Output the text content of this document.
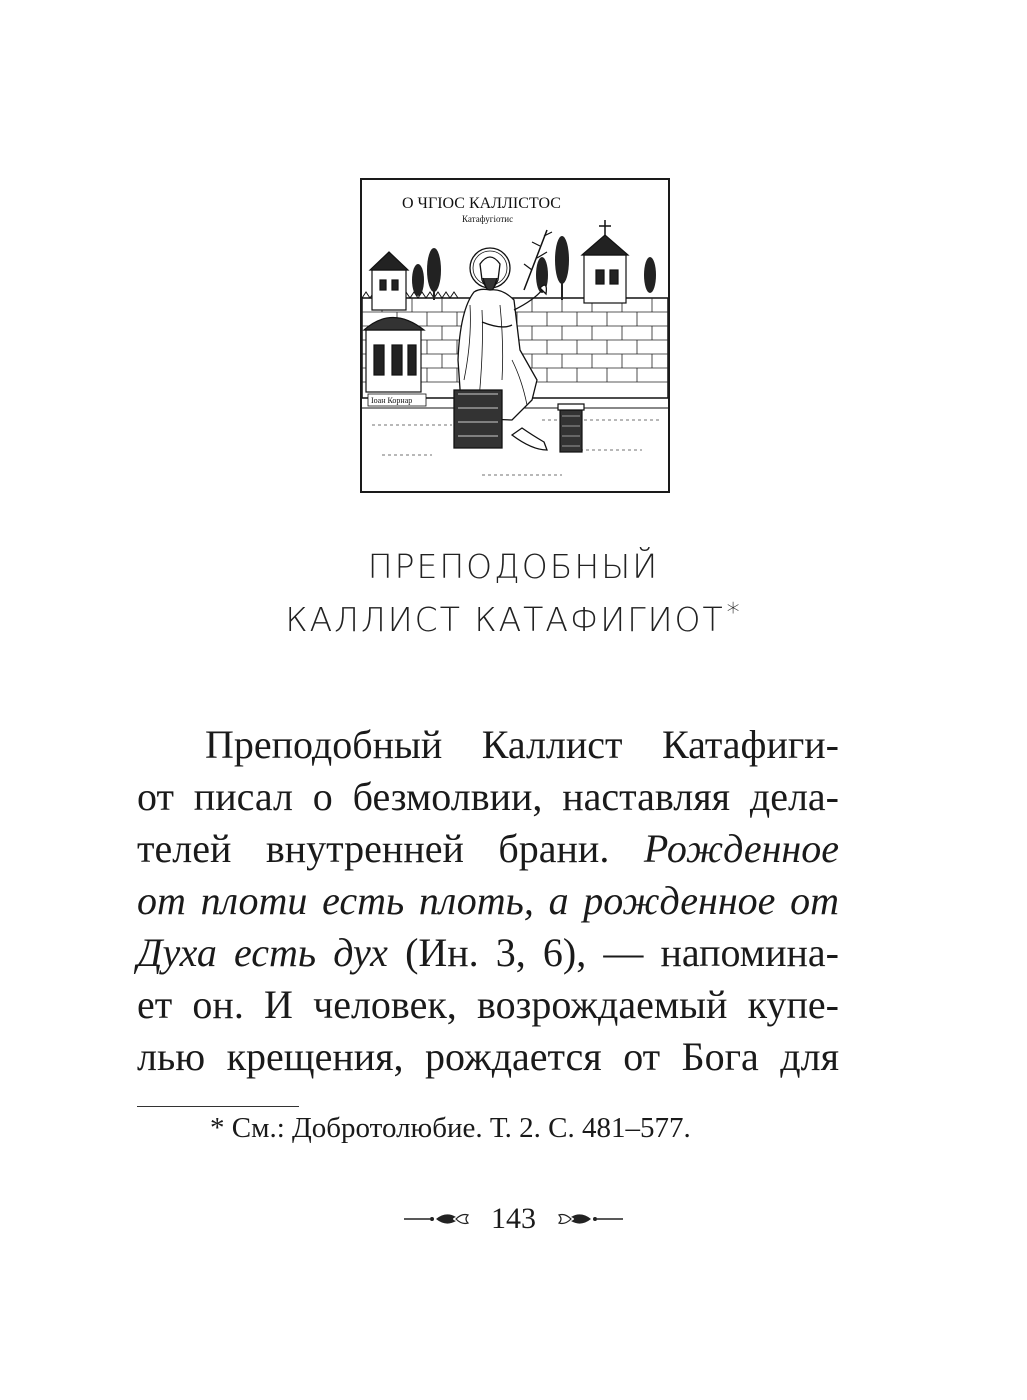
О ЧГІОС КАЛЛІСТОС
Катафугіотис
Іоан Корнар
ПРЕПОДОБНЫЙ
КАЛЛИСТ КАТАФИГИОТ*
Преподобный Каллист Катафиги-
от писал о безмолвии, наставляя дела-
телей внутренней брани. Рожденное
от плоти есть плоть, а рожденное от
Духа есть дух (Ин. 3, 6), — напомина-
ет он. И человек, возрождаемый купе-
лью крещения, рождается от Бога для
* См.: Добротолюбие. Т. 2. С. 481–577.
143
